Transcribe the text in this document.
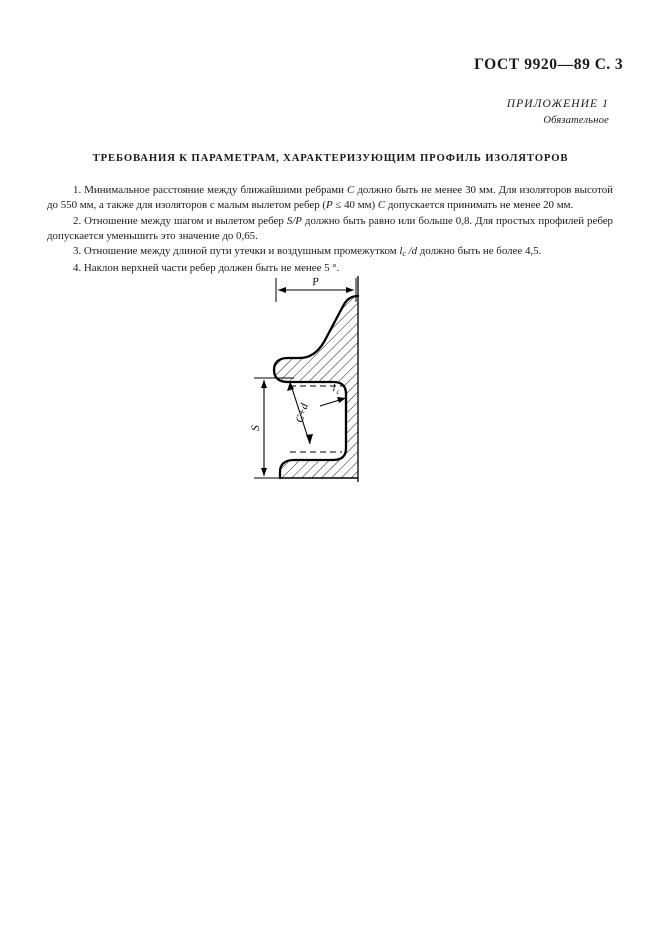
ГОСТ 9920—89 С. 3
ПРИЛОЖЕНИЕ 1
Обязательное
ТРЕБОВАНИЯ К ПАРАМЕТРАМ, ХАРАКТЕРИЗУЮЩИМ ПРОФИЛЬ ИЗОЛЯТОРОВ

1. Минимальное расстояние между ближайшими ребрами C должно быть не менее 30 мм. Для изоляторов высотой до 550 мм, а также для изоляторов с малым вылетом ребер (P ≤ 40 мм) C допускается принимать не менее 20 мм.

2. Отношение между шагом и вылетом ребер S/P должно быть равно или больше 0,8. Для простых профилей ребер допускается уменьшить это значение до 0,65.

3. Отношение между длиной пути утечки и воздушным промежутком $l_c$ /d должно быть не более 4,5.

4. Наклон верхней части ребер должен быть не менее 5 °.

P
S
C+d
l c
